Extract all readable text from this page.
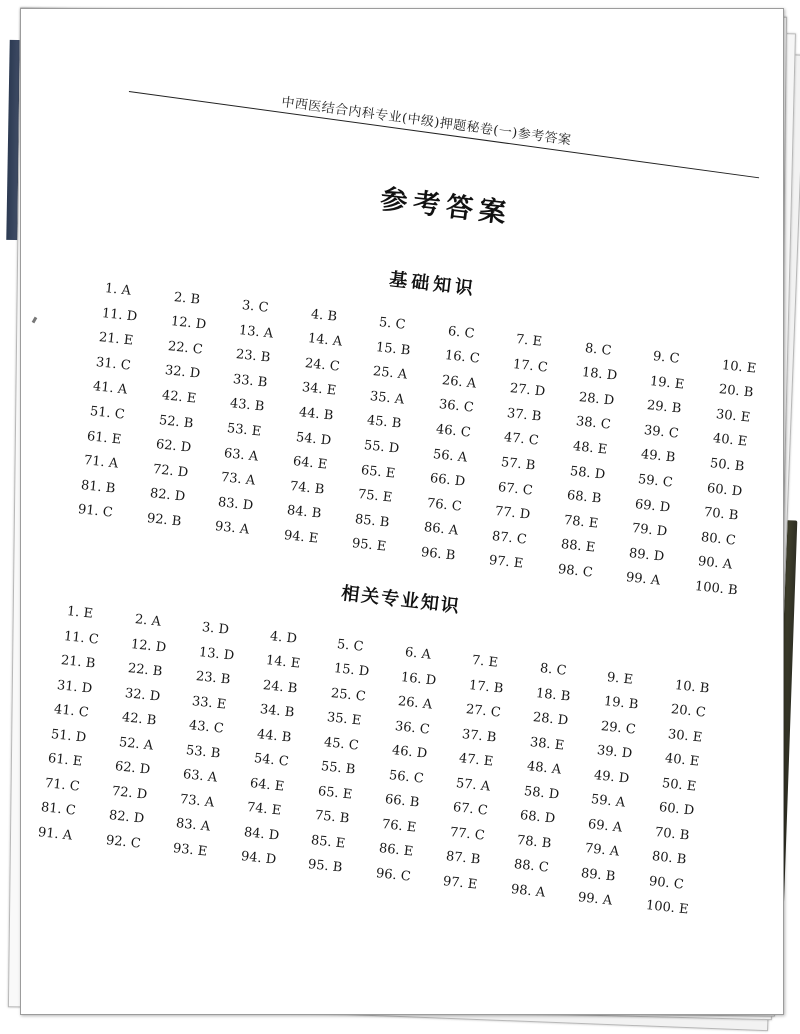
中西医结合内科专业(中级)押题秘卷(一)参考答案
参考答案
基础知识
1. A	2. B	3. C	4. B	5. C	6. C	7. E	8. C	9. C	10. E
11. D 12. D 13. A	14. A	15. B	16. C 17. C 18. D 19. E	20. B
21. E	22. C 23. B	24. C 25. A	26. A	27. D 28. D 29. B	30. E
31. C 32. D 33. B	34. E	35. A	36. C 37. B	38. C 39. C 40. E
41. A	42. E	43. B	44. B	45. B	46. C 47. C 48. E	49. B	50. B
51. C 52. B	53. E	54. D 55. D 56. A	57. B	58. D 59. C 60. D
61. E	62. D 63. A	64. E	65. E	66. D 67. C 68. B	69. D 70. B
71. A	72. D 73. A	74. B	75. E	76. C 77. D 78. E	79. D 80. C
81. B	82. D 83. D 84. B	85. B	86. A	87. C 88. E	89. D 90. A
91. C 92. B	93. A	94. E	95. E	96. B	97. E	98. C 99. A	100. B
相关专业知识
1. E	2. A	3. D	4. D	5. C	6. A	7. E	8. C	9. E	10. B
11. C 12. D 13. D 14. E 15. D 16. D 17. B 18. B 19. B 20. C
21. B 22. B 23. B 24. B 25. C 26. A 27. C 28. D 29. C 30. E
31. D 32. D 33. E 34. B 35. E 36. C 37. B 38. E 39. D 40. E
41. C 42. B 43. C 44. B 45. C 46. D 47. E 48. A 49. D 50. E
51. D 52. A 53. B 54. C 55. B 56. C 57. A 58. D 59. A 60. D
61. E 62. D 63. A 64. E 65. E 66. B 67. C 68. D 69. A 70. B
71. C 72. D 73. A 74. E 75. B 76. E 77. C 78. B 79. A 80. B
81. C 82. D 83. A 84. D 85. E 86. E 87. B 88. C 89. B 90. C
91. A 92. C 93. E 94. D 95. B 96. C 97. E 98. A 99. A 100. E
